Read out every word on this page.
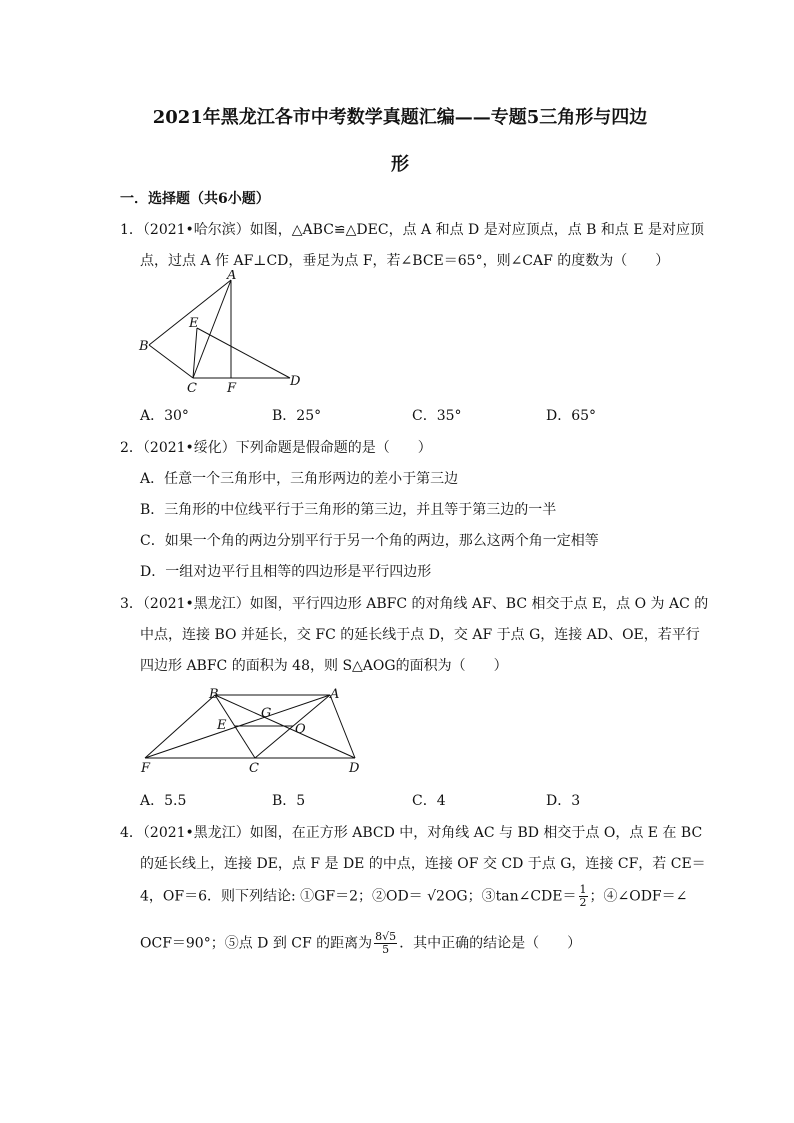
2021年黑龙江各市中考数学真题汇编——专题5三角形与四边
形
一．选择题（共6小题）
1．（2021•哈尔滨）如图，△ABC≌△DEC，点 A 和点 D 是对应顶点，点 B 和点 E 是对应顶
点，过点 A 作 AF⊥CD，垂足为点 F，若∠BCE＝65°，则∠CAF 的度数为（　　）
A
B
C	D
E
F
A．30°	B．25°	C．35°	D．65°
2．（2021•绥化）下列命题是假命题的是（　　）
A．任意一个三角形中，三角形两边的差小于第三边
B．三角形的中位线平行于三角形的第三边，并且等于第三边的一半
C．如果一个角的两边分别平行于另一个角的两边，那么这两个角一定相等
D．一组对边平行且相等的四边形是平行四边形
3．（2021•黑龙江）如图，平行四边形 ABFC 的对角线 AF、BC 相交于点 E，点 O 为 AC 的
中点，连接 BO 并延长，交 FC 的延长线于点 D，交 AF 于点 G，连接 AD、OE，若平行
四边形 ABFC 的面积为 48，则 S△AOG的面积为（　　）
B	A
G
E	O
F	C	D
A．5.5	B．5	C．4	D．3
4．（2021•黑龙江）如图，在正方形 ABCD 中，对角线 AC 与 BD 相交于点 O，点 E 在 BC
的延长线上，连接 DE，点 F 是 DE 的中点，连接 OF 交 CD 于点 G，连接 CF，若 CE＝
4，OF＝6．则下列结论: ①GF＝2；②OD＝ √2OG；③tan∠CDE＝ $\frac{1}{2}$ ；④∠ODF＝∠
OCF＝90°；⑤点 D 到 CF 的距离为 $\frac{8√5}{5}$ ．其中正确的结论是（　　）
